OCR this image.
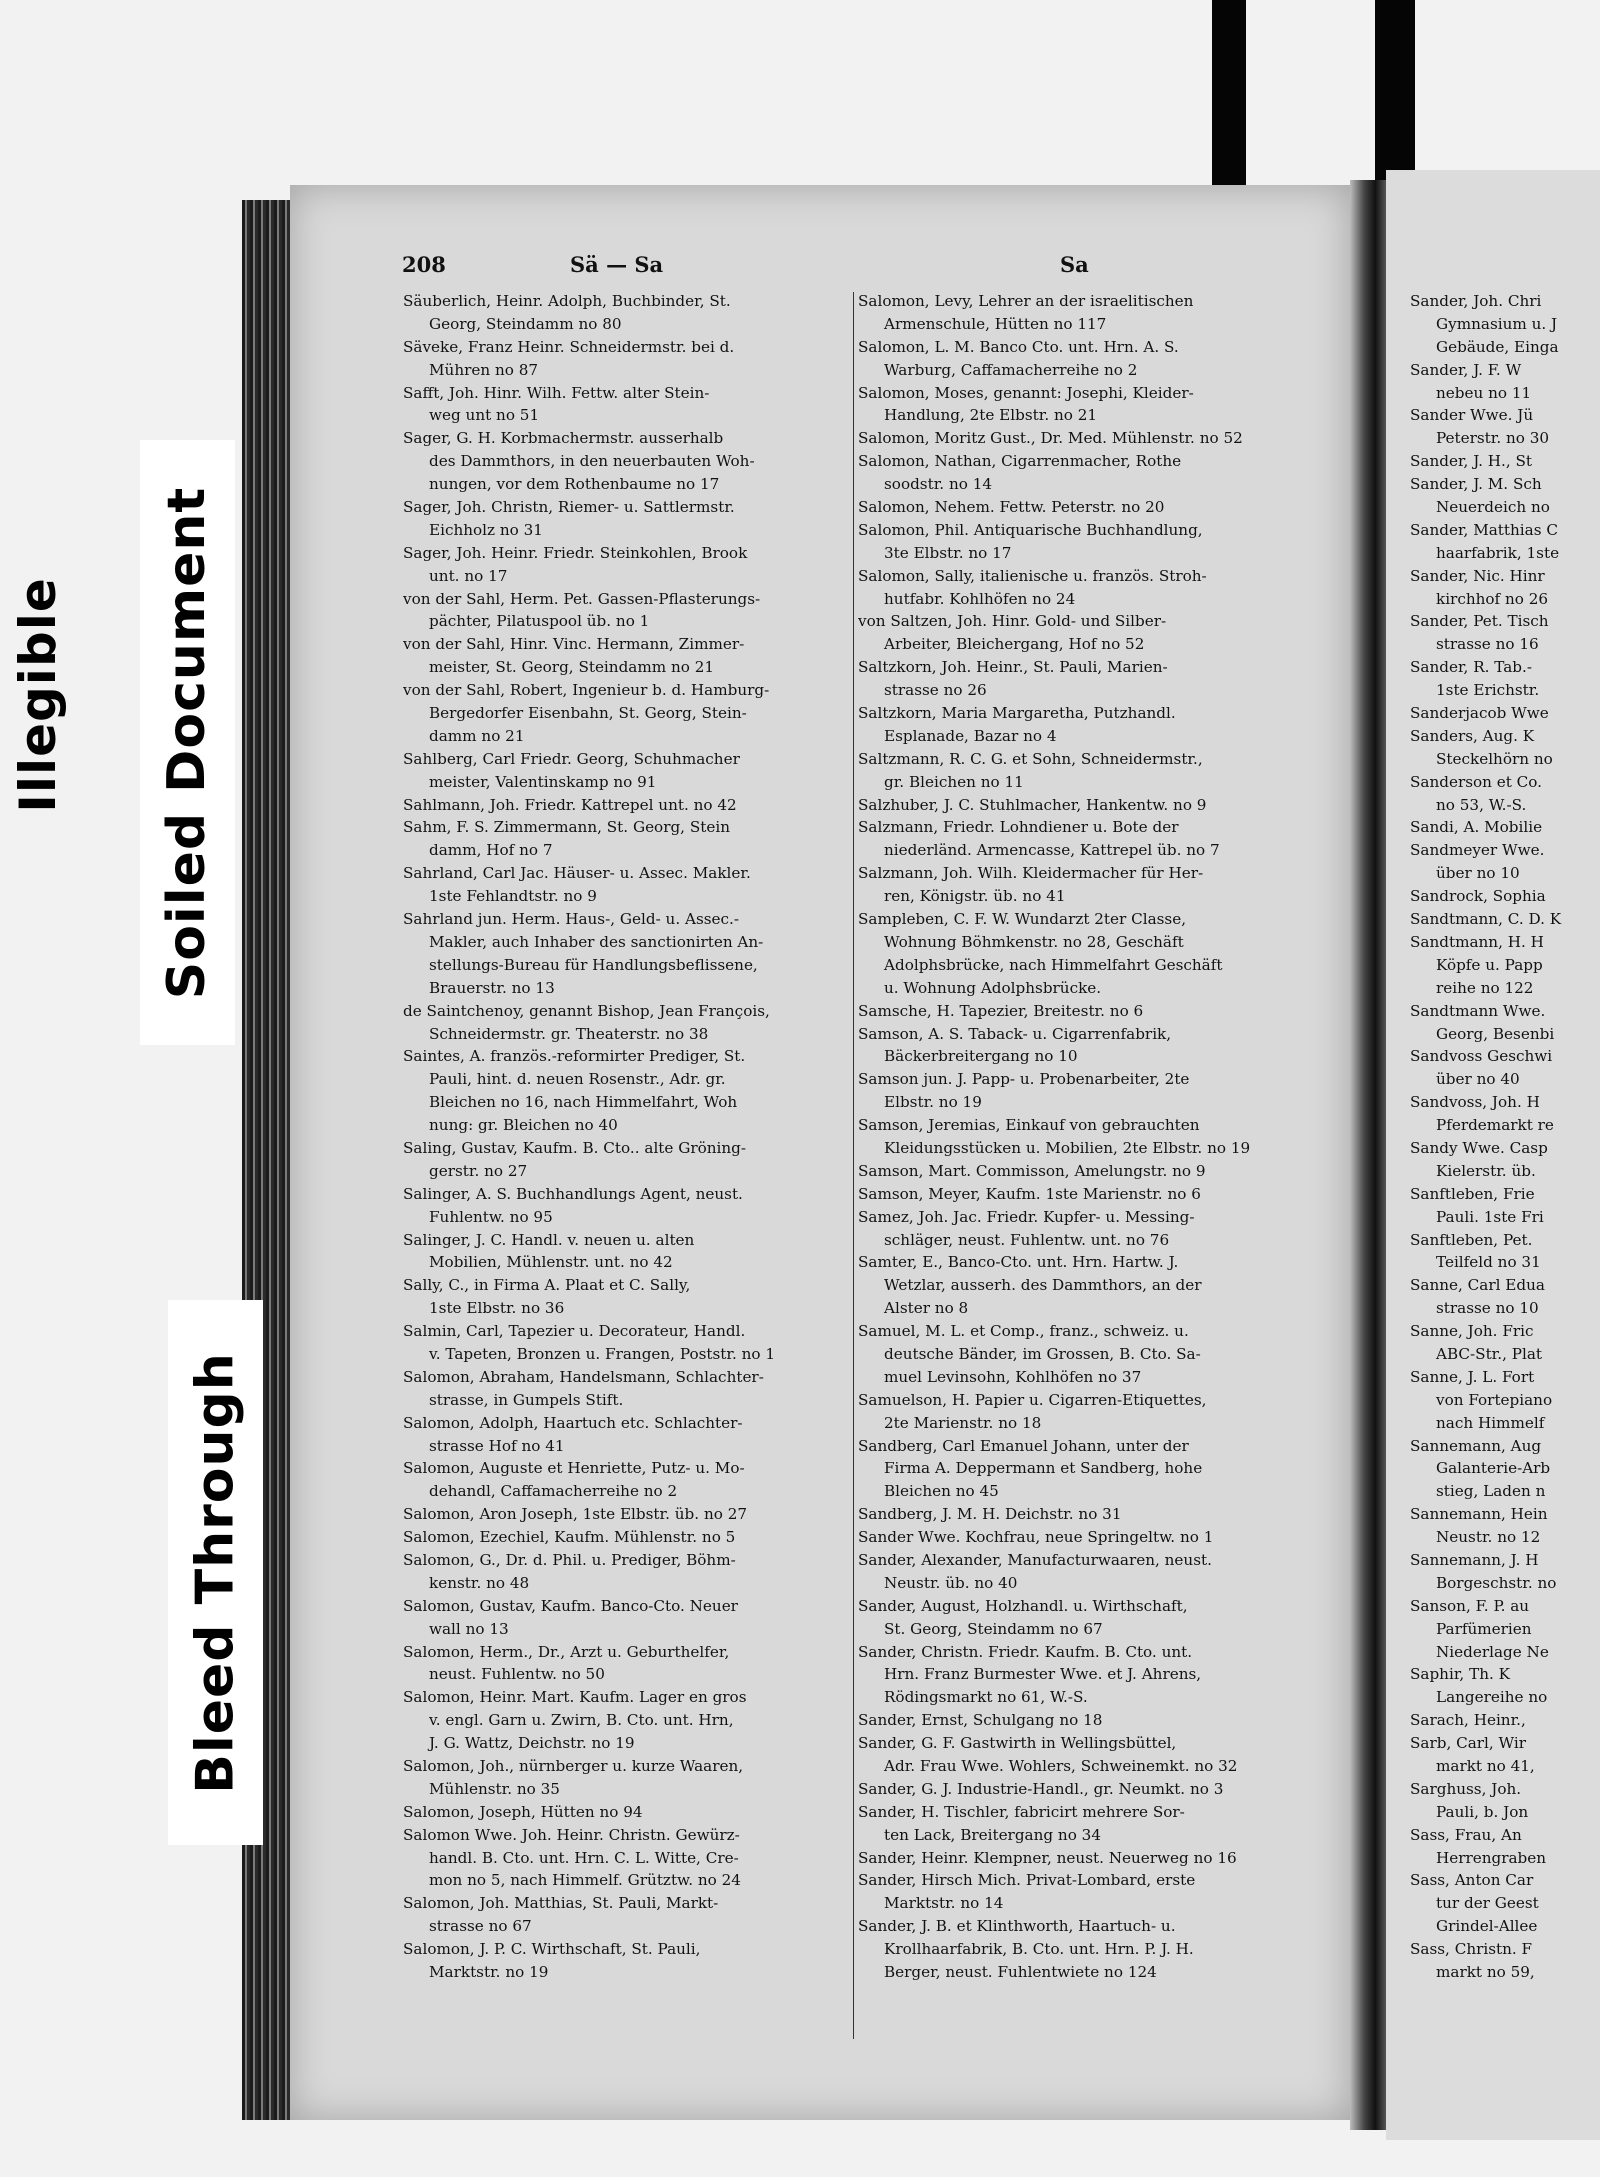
Illegible Soiled Document
Bleed Through
208	Sä — Sa	Sa
Säuberlich, Heinr. Adolph, Buchbinder, St.
Georg, Steindamm no 80
Säveke, Franz Heinr. Schneidermstr. bei d.
Mühren no 87
Safft, Joh. Hinr. Wilh. Fettw. alter Stein-
weg unt no 51
Sager, G. H. Korbmachermstr. ausserhalb
des Dammthors, in den neuerbauten Woh-
nungen, vor dem Rothenbaume no 17
Sager, Joh. Christn, Riemer- u. Sattlermstr.
Eichholz no 31
Sager, Joh. Heinr. Friedr. Steinkohlen, Brook
unt. no 17
von der Sahl, Herm. Pet. Gassen-Pflasterungs-
pächter, Pilatuspool üb. no 1
von der Sahl, Hinr. Vinc. Hermann, Zimmer-
meister, St. Georg, Steindamm no 21
von der Sahl, Robert, Ingenieur b. d. Hamburg-
Bergedorfer Eisenbahn, St. Georg, Stein-
damm no 21
Sahlberg, Carl Friedr. Georg, Schuhmacher
meister, Valentinskamp no 91
Sahlmann, Joh. Friedr. Kattrepel unt. no 42
Sahm, F. S. Zimmermann, St. Georg, Stein
damm, Hof no 7
Sahrland, Carl Jac. Häuser- u. Assec. Makler.
1ste Fehlandtstr. no 9
Sahrland jun. Herm. Haus-, Geld- u. Assec.-
Makler, auch Inhaber des sanctionirten An-
stellungs-Bureau für Handlungsbeflissene,
Brauerstr. no 13
de Saintchenoy, genannt Bishop, Jean François,
Schneidermstr. gr. Theaterstr. no 38
Saintes, A. französ.-reformirter Prediger, St.
Pauli, hint. d. neuen Rosenstr., Adr. gr.
Bleichen no 16, nach Himmelfahrt, Woh
nung: gr. Bleichen no 40
Saling, Gustav, Kaufm. B. Cto.. alte Gröning-
gerstr. no 27
Salinger, A. S. Buchhandlungs Agent, neust.
Fuhlentw. no 95
Salinger, J. C. Handl. v. neuen u. alten
Mobilien, Mühlenstr. unt. no 42
Sally, C., in Firma A. Plaat et C. Sally,
1ste Elbstr. no 36
Salmin, Carl, Tapezier u. Decorateur, Handl.
v. Tapeten, Bronzen u. Frangen, Poststr. no 1
Salomon, Abraham, Handelsmann, Schlachter-
strasse, in Gumpels Stift.
Salomon, Adolph, Haartuch etc. Schlachter-
strasse Hof no 41
Salomon, Auguste et Henriette, Putz- u. Mo-
dehandl, Caffamacherreihe no 2
Salomon, Aron Joseph, 1ste Elbstr. üb. no 27
Salomon, Ezechiel, Kaufm. Mühlenstr. no 5
Salomon, G., Dr. d. Phil. u. Prediger, Böhm-
kenstr. no 48
Salomon, Gustav, Kaufm. Banco-Cto. Neuer
wall no 13
Salomon, Herm., Dr., Arzt u. Geburthelfer,
neust. Fuhlentw. no 50
Salomon, Heinr. Mart. Kaufm. Lager en gros
v. engl. Garn u. Zwirn, B. Cto. unt. Hrn,
J. G. Wattz, Deichstr. no 19
Salomon, Joh., nürnberger u. kurze Waaren,
Mühlenstr. no 35
Salomon, Joseph, Hütten no 94
Salomon Wwe. Joh. Heinr. Christn. Gewürz-
handl. B. Cto. unt. Hrn. C. L. Witte, Cre-
mon no 5, nach Himmelf. Grütztw. no 24
Salomon, Joh. Matthias, St. Pauli, Markt-
strasse no 67
Salomon, J. P. C. Wirthschaft, St. Pauli,
Marktstr. no 19
Salomon, Levy, Lehrer an der israelitischen
Armenschule, Hütten no 117
Salomon, L. M. Banco Cto. unt. Hrn. A. S.
Warburg, Caffamacherreihe no 2
Salomon, Moses, genannt: Josephi, Kleider-
Handlung, 2te Elbstr. no 21
Salomon, Moritz Gust., Dr. Med. Mühlenstr. no 52
Salomon, Nathan, Cigarrenmacher, Rothe
soodstr. no 14
Salomon, Nehem. Fettw. Peterstr. no 20
Salomon, Phil. Antiquarische Buchhandlung,
3te Elbstr. no 17
Salomon, Sally, italienische u. französ. Stroh-
hutfabr. Kohlhöfen no 24
von Saltzen, Joh. Hinr. Gold- und Silber-
Arbeiter, Bleichergang, Hof no 52
Saltzkorn, Joh. Heinr., St. Pauli, Marien-
strasse no 26
Saltzkorn, Maria Margaretha, Putzhandl.
Esplanade, Bazar no 4
Saltzmann, R. C. G. et Sohn, Schneidermstr.,
gr. Bleichen no 11
Salzhuber, J. C. Stuhlmacher, Hankentw. no 9
Salzmann, Friedr. Lohndiener u. Bote der
niederländ. Armencasse, Kattrepel üb. no 7
Salzmann, Joh. Wilh. Kleidermacher für Her-
ren, Königstr. üb. no 41
Sampleben, C. F. W. Wundarzt 2ter Classe,
Wohnung Böhmkenstr. no 28, Geschäft
Adolphsbrücke, nach Himmelfahrt Geschäft
u. Wohnung Adolphsbrücke.
Samsche, H. Tapezier, Breitestr. no 6
Samson, A. S. Taback- u. Cigarrenfabrik,
Bäckerbreitergang no 10
Samson jun. J. Papp- u. Probenarbeiter, 2te
Elbstr. no 19
Samson, Jeremias, Einkauf von gebrauchten
Kleidungsstücken u. Mobilien, 2te Elbstr. no 19
Samson, Mart. Commisson, Amelungstr. no 9
Samson, Meyer, Kaufm. 1ste Marienstr. no 6
Samez, Joh. Jac. Friedr. Kupfer- u. Messing-
schläger, neust. Fuhlentw. unt. no 76
Samter, E., Banco-Cto. unt. Hrn. Hartw. J.
Wetzlar, ausserh. des Dammthors, an der
Alster no 8
Samuel, M. L. et Comp., franz., schweiz. u.
deutsche Bänder, im Grossen, B. Cto. Sa-
muel Levinsohn, Kohlhöfen no 37
Samuelson, H. Papier u. Cigarren-Etiquettes,
2te Marienstr. no 18
Sandberg, Carl Emanuel Johann, unter der
Firma A. Deppermann et Sandberg, hohe
Bleichen no 45
Sandberg, J. M. H. Deichstr. no 31
Sander Wwe. Kochfrau, neue Springeltw. no 1
Sander, Alexander, Manufacturwaaren, neust.
Neustr. üb. no 40
Sander, August, Holzhandl. u. Wirthschaft,
St. Georg, Steindamm no 67
Sander, Christn. Friedr. Kaufm. B. Cto. unt.
Hrn. Franz Burmester Wwe. et J. Ahrens,
Rödingsmarkt no 61, W.-S.
Sander, Ernst, Schulgang no 18
Sander, G. F. Gastwirth in Wellingsbüttel,
Adr. Frau Wwe. Wohlers, Schweinemkt. no 32
Sander, G. J. Industrie-Handl., gr. Neumkt. no 3
Sander, H. Tischler, fabricirt mehrere Sor-
ten Lack, Breitergang no 34
Sander, Heinr. Klempner, neust. Neuerweg no 16
Sander, Hirsch Mich. Privat-Lombard, erste
Marktstr. no 14
Sander, J. B. et Klinthworth, Haartuch- u.
Krollhaarfabrik, B. Cto. unt. Hrn. P. J. H.
Berger, neust. Fuhlentwiete no 124
Sander, Joh. Chri
Gymnasium u. J
Gebäude, Einga
Sander, J. F. W
nebeu no 11
Sander Wwe. Jü
Peterstr. no 30
Sander, J. H., St
Sander, J. M. Sch
Neuerdeich no
Sander, Matthias C
haarfabrik, 1ste
Sander, Nic. Hinr
kirchhof no 26
Sander, Pet. Tisch
strasse no 16
Sander, R. Tab.-
1ste Erichstr.
Sanderjacob Wwe
Sanders, Aug. K
Steckelhörn no
Sanderson et Co.
no 53, W.-S.
Sandi, A. Mobilie
Sandmeyer Wwe.
über no 10
Sandrock, Sophia
Sandtmann, C. D. K
Sandtmann, H. H
Köpfe u. Papp
reihe no 122
Sandtmann Wwe.
Georg, Besenbi
Sandvoss Geschwi
über no 40
Sandvoss, Joh. H
Pferdemarkt re
Sandy Wwe. Casp
Kielerstr. üb.
Sanftleben, Frie
Pauli. 1ste Fri
Sanftleben, Pet.
Teilfeld no 31
Sanne, Carl Edua
strasse no 10
Sanne, Joh. Fric
ABC-Str., Plat
Sanne, J. L. Fort
von Fortepiano
nach Himmelf
Sannemann, Aug
Galanterie-Arb
stieg, Laden n
Sannemann, Hein
Neustr. no 12
Sannemann, J. H
Borgeschstr. no
Sanson, F. P. au
Parfümerien
Niederlage Ne
Saphir, Th. K
Langereihe no
Sarach, Heinr.,
Sarb, Carl, Wir
markt no 41,
Sarghuss, Joh.
Pauli, b. Jon
Sass, Frau, An
Herrengraben
Sass, Anton Car
tur der Geest
Grindel-Allee
Sass, Christn. F
markt no 59,
